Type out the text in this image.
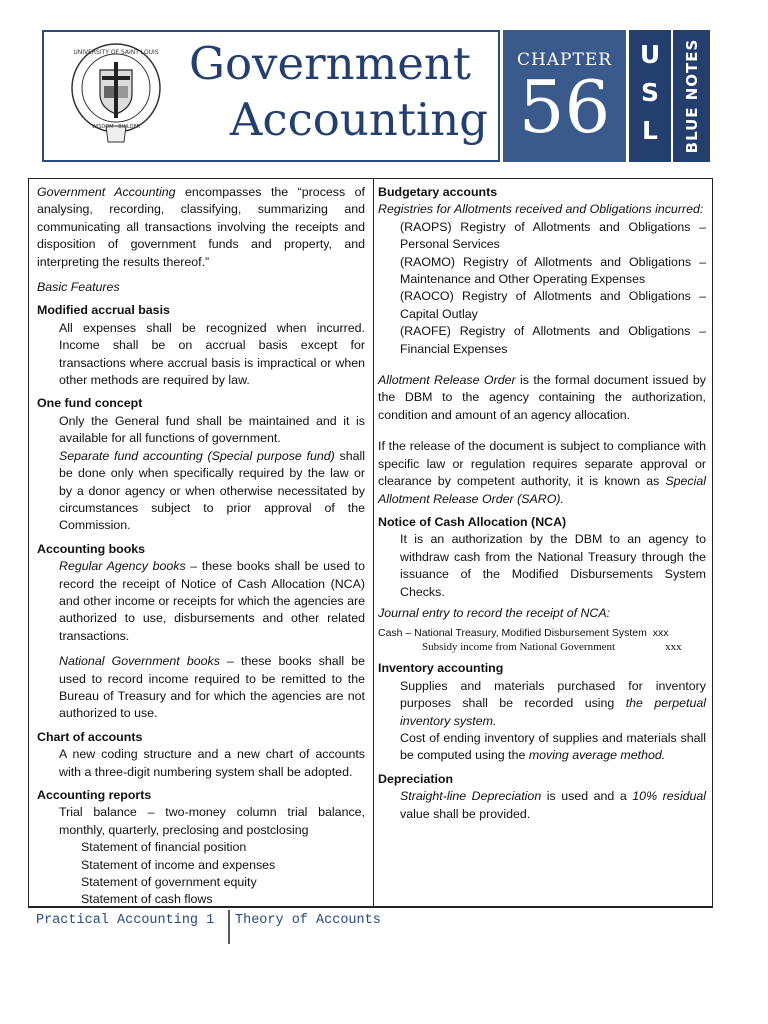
UNIVERSITY OF SAINT LOUIS
WISDOM · BUILDER
Government
Accounting
CHAPTER
56
U
S
L	BLUE NOTES

Government Accounting encompasses the “process of analysing, recording, classifying, summarizing and communicating all transactions involving the receipts and disposition of government funds and property, and interpreting the results thereof.”

Basic Features

Modified accrual basis

All expenses shall be recognized when incurred. Income shall be on accrual basis except for transactions where accrual basis is impractical or when other methods are required by law.

One fund concept

Only the General fund shall be maintained and it is available for all functions of government.

Separate fund accounting (Special purpose fund) shall be done only when specifically required by the law or by a donor agency or when otherwise necessitated by circumstances subject to prior approval of the Commission.

Accounting books

Regular Agency books – these books shall be used to record the receipt of Notice of Cash Allocation (NCA) and other income or receipts for which the agencies are authorized to use, disbursements and other related transactions.

National Government books – these books shall be used to record income required to be remitted to the Bureau of Treasury and for which the agencies are not authorized to use.

Chart of accounts

A new coding structure and a new chart of accounts with a three-digit numbering system shall be adopted.

Accounting reports

Trial balance – two-money column trial balance, monthly, quarterly, preclosing and postclosing

Statement of financial position

Statement of income and expenses

Statement of government equity

Statement of cash flows

Budgetary accounts

Registries for Allotments received and Obligations incurred:

(RAOPS) Registry of Allotments and Obligations – Personal Services

(RAOMO) Registry of Allotments and Obligations – Maintenance and Other Operating Expenses

(RAOCO) Registry of Allotments and Obligations – Capital Outlay

(RAOFE) Registry of Allotments and Obligations – Financial Expenses

Allotment Release Order is the formal document issued by the DBM to the agency containing the authorization, condition and amount of an agency allocation.

If the release of the document is subject to compliance with specific law or regulation requires separate approval or clearance by competent authority, it is known as Special Allotment Release Order (SARO).

Notice of Cash Allocation (NCA)

It is an authorization by the DBM to an agency to withdraw cash from the National Treasury through the issuance of the Modified Disbursements System Checks.

Journal entry to record the receipt of NCA:

Cash – National Treasury, Modified Disbursement System xxx

Subsidy income from National Government	xxx

Inventory accounting

Supplies and materials purchased for inventory purposes shall be recorded using the perpetual inventory system.

Cost of ending inventory of supplies and materials shall be computed using the moving average method.

Depreciation

Straight-line Depreciation is used and a 10% residual value shall be provided.

Practical Accounting 1 Theory of Accounts
